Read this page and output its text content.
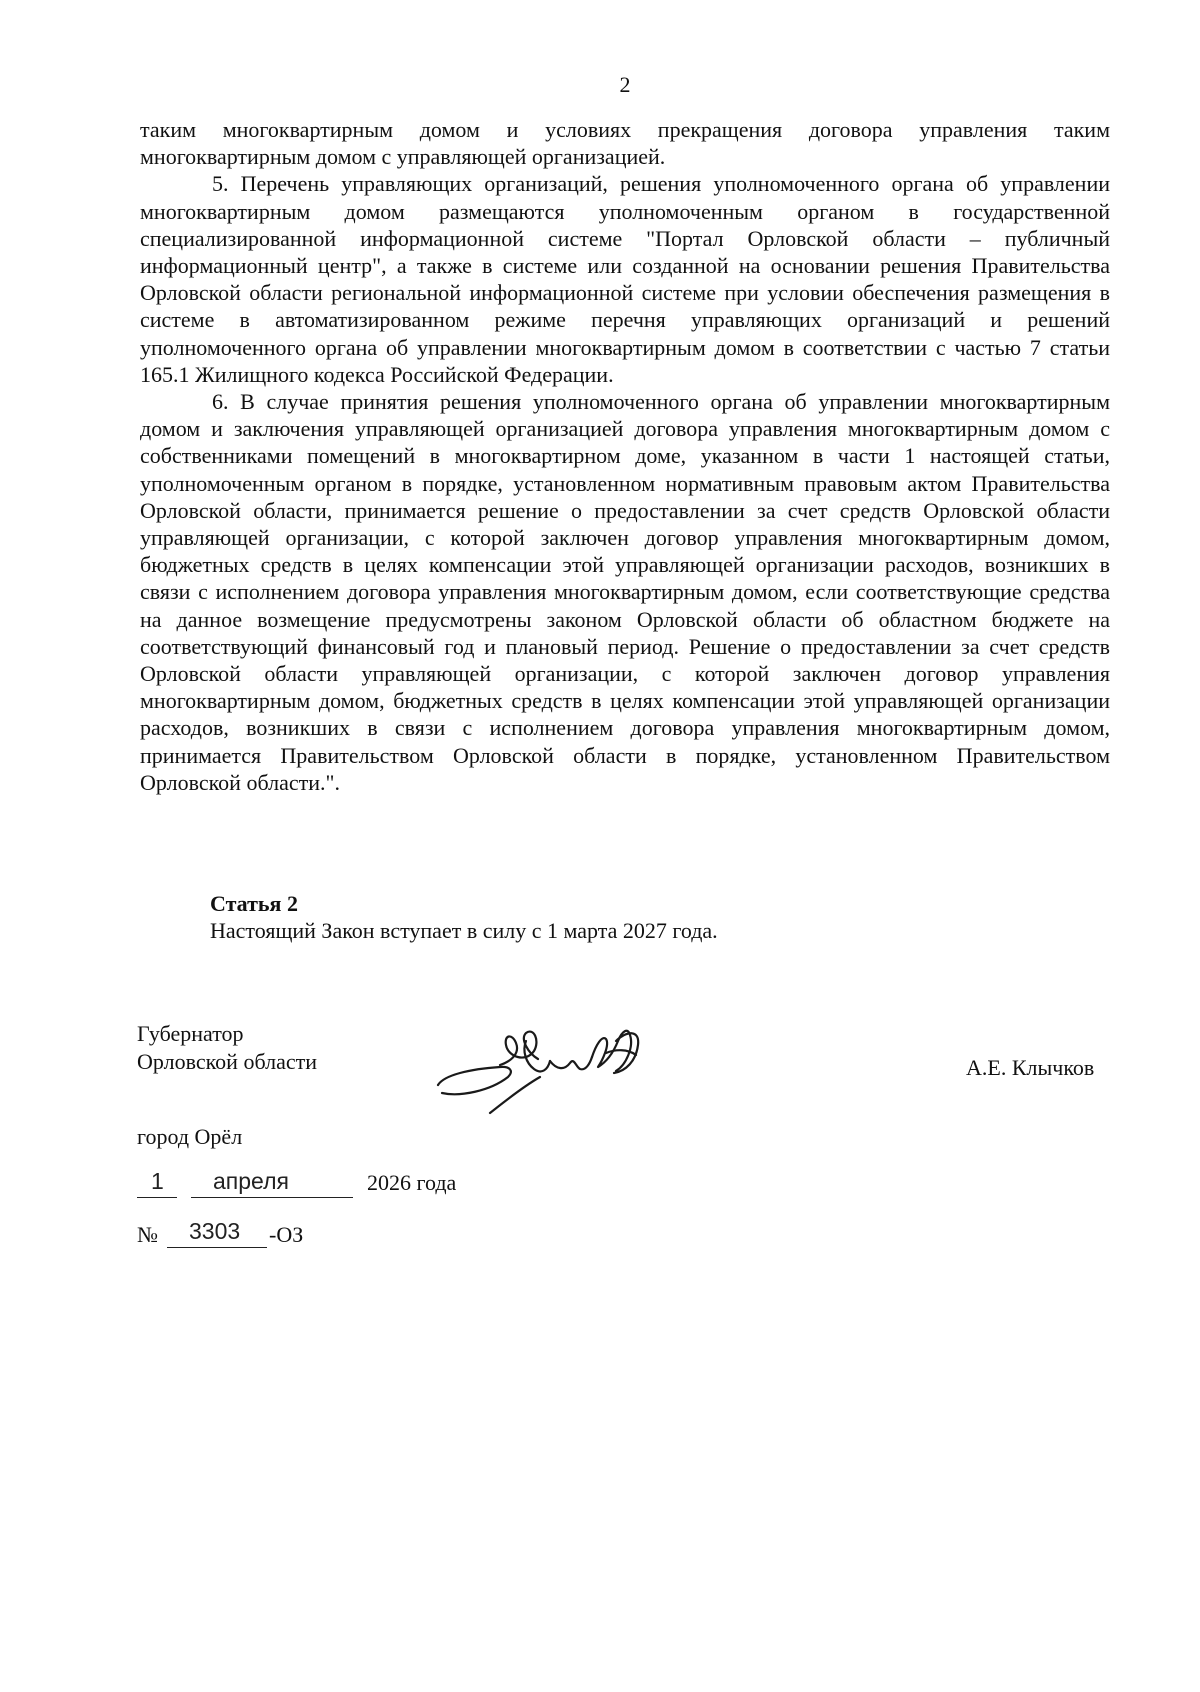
2

таким многоквартирным домом и условиях прекращения договора управления таким многоквартирным домом с управляющей организацией.

5. Перечень управляющих организаций, решения уполномоченного органа об управлении многоквартирным домом размещаются уполномоченным органом в государственной специализированной информационной системе "Портал Орловской области – публичный информационный центр", а также в системе или созданной на основании решения Правительства Орловской области региональной информационной системе при условии обеспечения размещения в системе в автоматизированном режиме перечня управляющих организаций и решений уполномоченного органа об управлении многоквартирным домом в соответствии с частью 7 статьи 165.1 Жилищного кодекса Российской Федерации.

6. В случае принятия решения уполномоченного органа об управлении многоквартирным домом и заключения управляющей организацией договора управления многоквартирным домом с собственниками помещений в многоквартирном доме, указанном в части 1 настоящей статьи, уполномоченным органом в порядке, установленном нормативным правовым актом Правительства Орловской области, принимается решение о предоставлении за счет средств Орловской области управляющей организации, с которой заключен договор управления многоквартирным домом, бюджетных средств в целях компенсации этой управляющей организации расходов, возникших в связи с исполнением договора управления многоквартирным домом, если соответствующие средства на данное возмещение предусмотрены законом Орловской области об областном бюджете на соответствующий финансовый год и плановый период. Решение о предоставлении за счет средств Орловской области управляющей организации, с которой заключен договор управления многоквартирным домом, бюджетных средств в целях компенсации этой управляющей организации расходов, возникших в связи с исполнением договора управления многоквартирным домом, принимается Правительством Орловской области в порядке, установленном Правительством Орловской области.".

Статья 2
Настоящий Закон вступает в силу с 1 марта 2027 года.
Губернатор
Орловской области	А.Е. Клычков
город Орёл
1 апреля	2026 года
№ 3303 -ОЗ
